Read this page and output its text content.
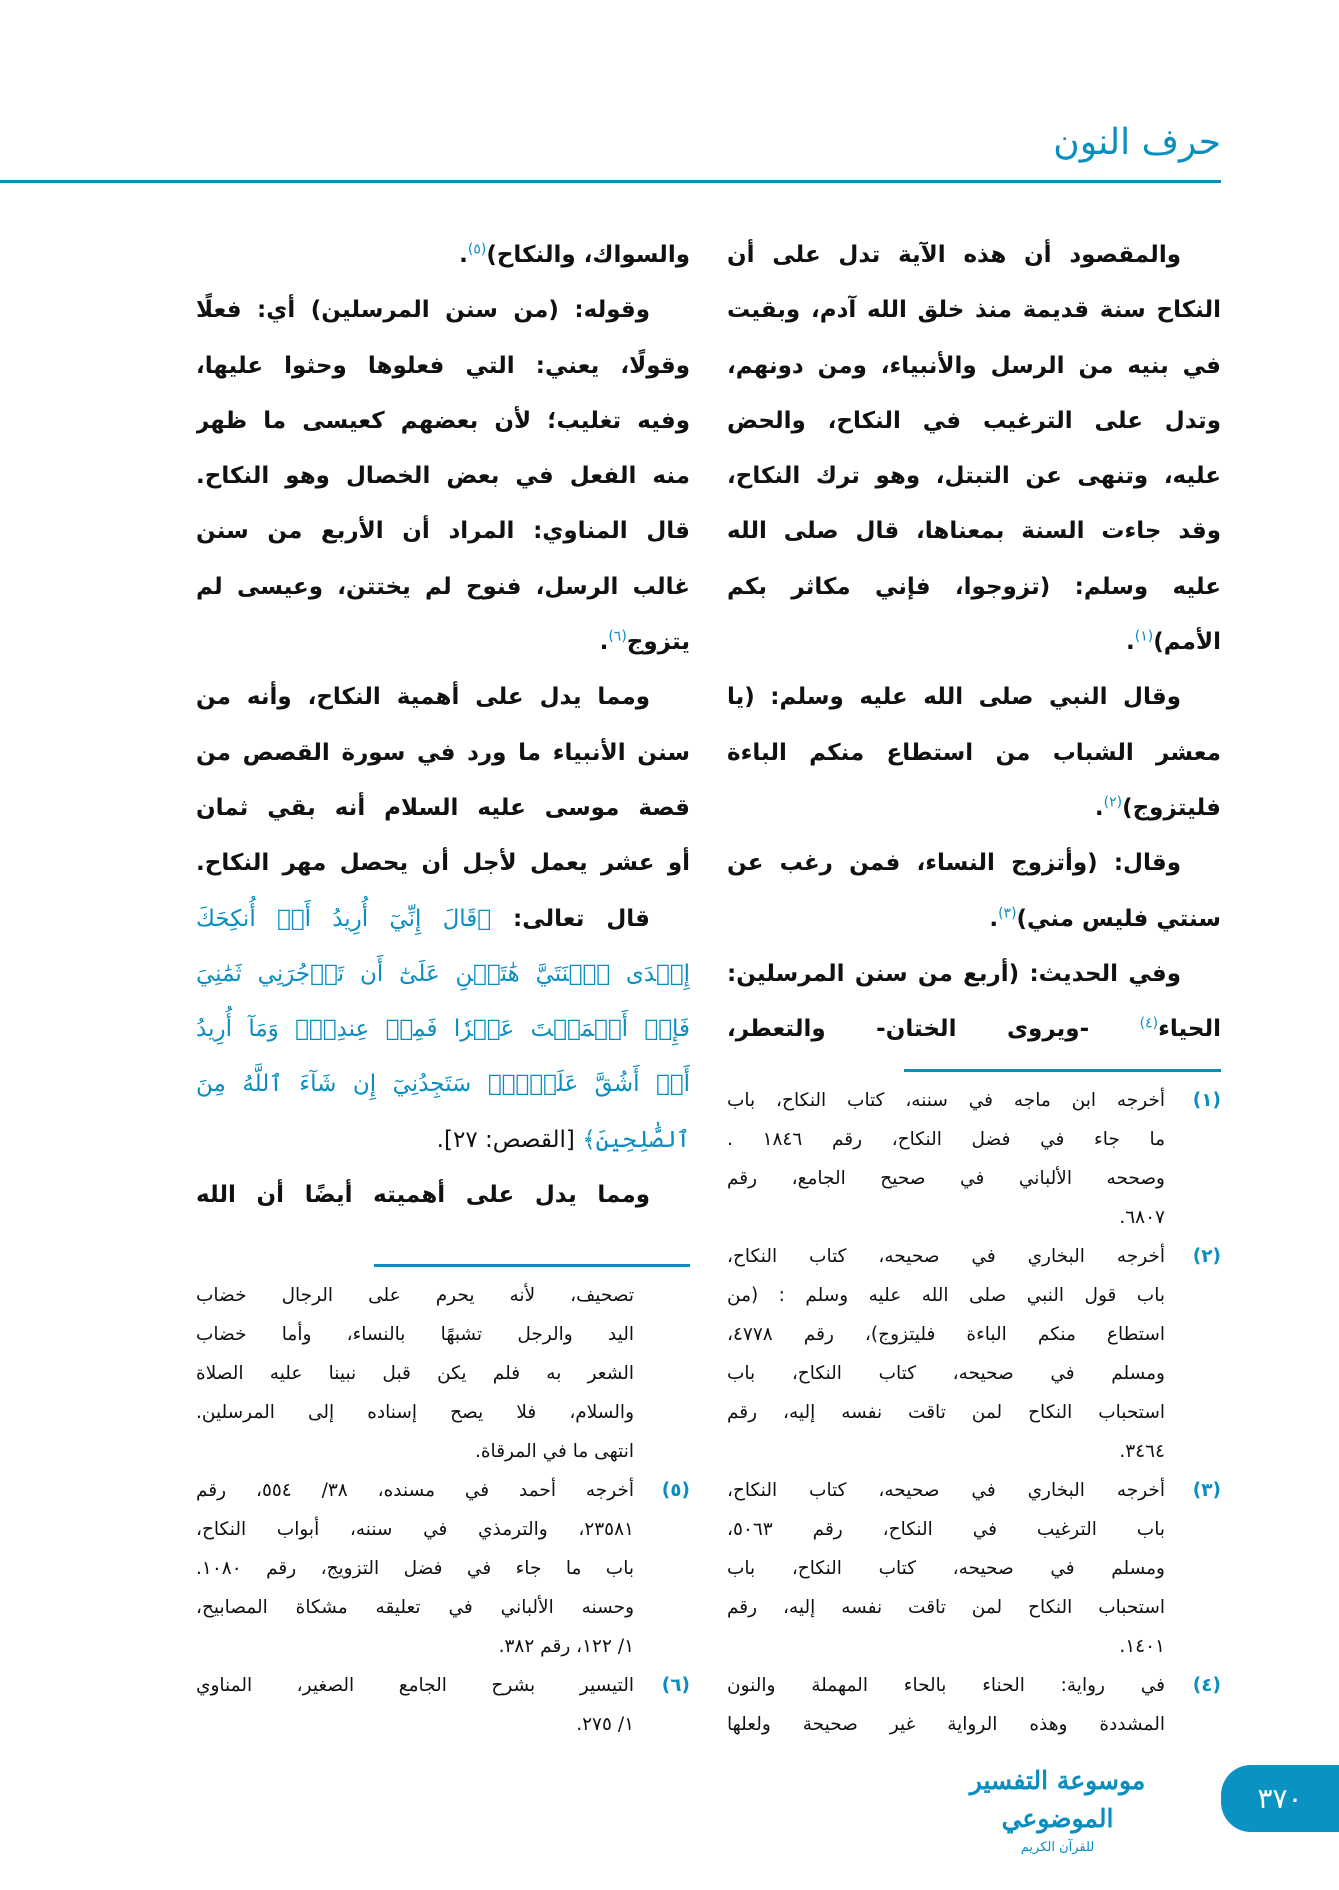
حرف النون
والمقصود أن هذه الآية تدل على أن
النكاح سنة قديمة منذ خلق الله آدم، وبقيت
في بنيه من الرسل والأنبياء، ومن دونهم،
وتدل على الترغيب في النكاح، والحض
عليه، وتنهى عن التبتل، وهو ترك النكاح،
وقد جاءت السنة بمعناها، قال صلى الله
عليه وسلم: (تزوجوا، فإني مكاثر بكم
الأمم)$^{(١)}$.
وقال النبي صلى الله عليه وسلم: (يا
معشر الشباب من استطاع منكم الباءة
فليتزوج)$^{(٢)}$.
وقال: (وأتزوج النساء، فمن رغب عن
سنتي فليس مني)$^{(٣)}$.
وفي الحديث: (أربع من سنن المرسلين:
الحياء$^{(٤)}$ -ويروى الختان- والتعطر،
والسواك، والنكاح)$^{(٥)}$.
وقوله: (من سنن المرسلين) أي: فعلًا
وقولًا، يعني: التي فعلوها وحثوا عليها،
وفيه تغليب؛ لأن بعضهم كعيسى ما ظهر
منه الفعل في بعض الخصال وهو النكاح.
قال المناوي: المراد أن الأربع من سنن
غالب الرسل، فنوح لم يختتن، وعيسى لم
يتزوج$^{(٦)}$.
ومما يدل على أهمية النكاح، وأنه من
سنن الأنبياء ما ورد في سورة القصص من
قصة موسى عليه السلام أنه بقي ثمان
أو عشر يعمل لأجل أن يحصل مهر النكاح.
قال تعالى: ﴿قَالَ إِنِّيٓ أُرِيدُ أَنۡ أُنكِحَكَ
إِحۡدَى ٱبۡنَتَيَّ هَٰتَيۡنِ عَلَىٰٓ أَن تَأۡجُرَنِي ثَمَٰنِيَ
فَإِنۡ أَتۡمَمۡتَ عَشۡرٗا فَمِنۡ عِندِكَۖ وَمَآ أُرِيدُ
أَنۡ أَشُقَّ عَلَيۡكَۚ سَتَجِدُنِيٓ إِن شَآءَ ٱللَّهُ مِنَ
ٱلصَّٰلِحِينَ﴾ [القصص: ٢٧].
ومما يدل على أهميته أيضًا أن الله
(١)
أخرجه ابن ماجه في سننه، كتاب النكاح، باب
ما جاء في فضل النكاح، رقم ١٨٤٦ .
وصححه الألباني في صحيح الجامع، رقم
٦٨٠٧.
(٢)
أخرجه البخاري في صحيحه، كتاب النكاح،
باب قول النبي صلى الله عليه وسلم : (من
استطاع منكم الباءة فليتزوج)، رقم ٤٧٧٨،
ومسلم في صحيحه، كتاب النكاح، باب
استحباب النكاح لمن تاقت نفسه إليه، رقم
٣٤٦٤.
(٣)
أخرجه البخاري في صحيحه، كتاب النكاح،
باب الترغيب في النكاح، رقم ٥٠٦٣،
ومسلم في صحيحه، كتاب النكاح، باب
استحباب النكاح لمن تاقت نفسه إليه، رقم
١٤٠١.
(٤)
في رواية: الحناء بالحاء المهملة والنون
المشددة وهذه الرواية غير صحيحة ولعلها
تصحيف، لأنه يحرم على الرجال خضاب
اليد والرجل تشبهًا بالنساء، وأما خضاب
الشعر به فلم يكن قبل نبينا عليه الصلاة
والسلام، فلا يصح إسناده إلى المرسلين.
انتهى ما في المرقاة.
(٥)
أخرجه أحمد في مسنده، ٣٨/ ٥٥٤، رقم
٢٣٥٨١، والترمذي في سننه، أبواب النكاح،
باب ما جاء في فضل التزويج، رقم ١٠٨٠.
وحسنه الألباني في تعليقه مشكاة المصابيح،
١/ ١٢٢، رقم ٣٨٢.
(٦)
التيسير بشرح الجامع الصغير، المناوي
١/ ٢٧٥.
موسوعة التفسير الموضوعي
للقرآن الكريم
٣٧٠
